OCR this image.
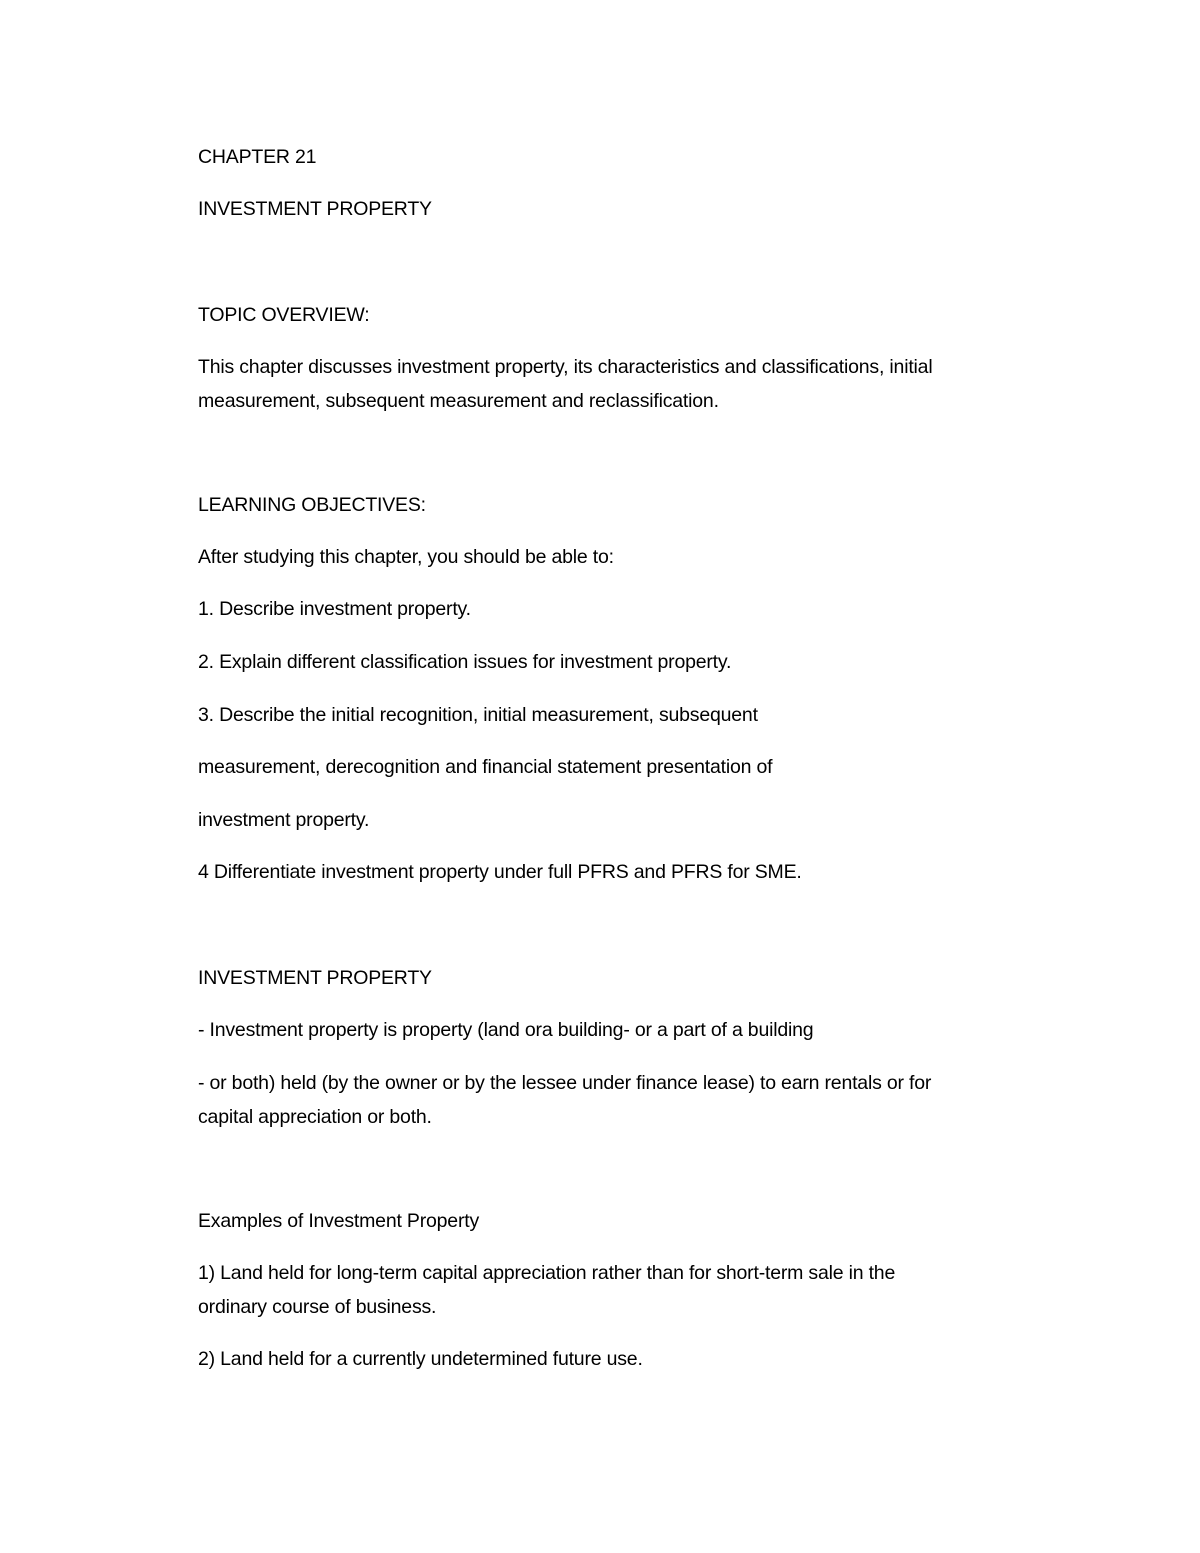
CHAPTER 21
INVESTMENT PROPERTY
TOPIC OVERVIEW:
This chapter discusses investment property, its characteristics and classifications, initial
measurement, subsequent measurement and reclassification.
LEARNING OBJECTIVES:
After studying this chapter, you should be able to:
1. Describe investment property.
2. Explain different classification issues for investment property.
3. Describe the initial recognition, initial measurement, subsequent
measurement, derecognition and financial statement presentation of
investment property.
4 Differentiate investment property under full PFRS and PFRS for SME.
INVESTMENT PROPERTY
- Investment property is property (land ora building- or a part of a building
- or both) held (by the owner or by the lessee under finance lease) to earn rentals or for
capital appreciation or both.
Examples of Investment Property
1) Land held for long-term capital appreciation rather than for short-term sale in the
ordinary course of business.
2) Land held for a currently undetermined future use.
